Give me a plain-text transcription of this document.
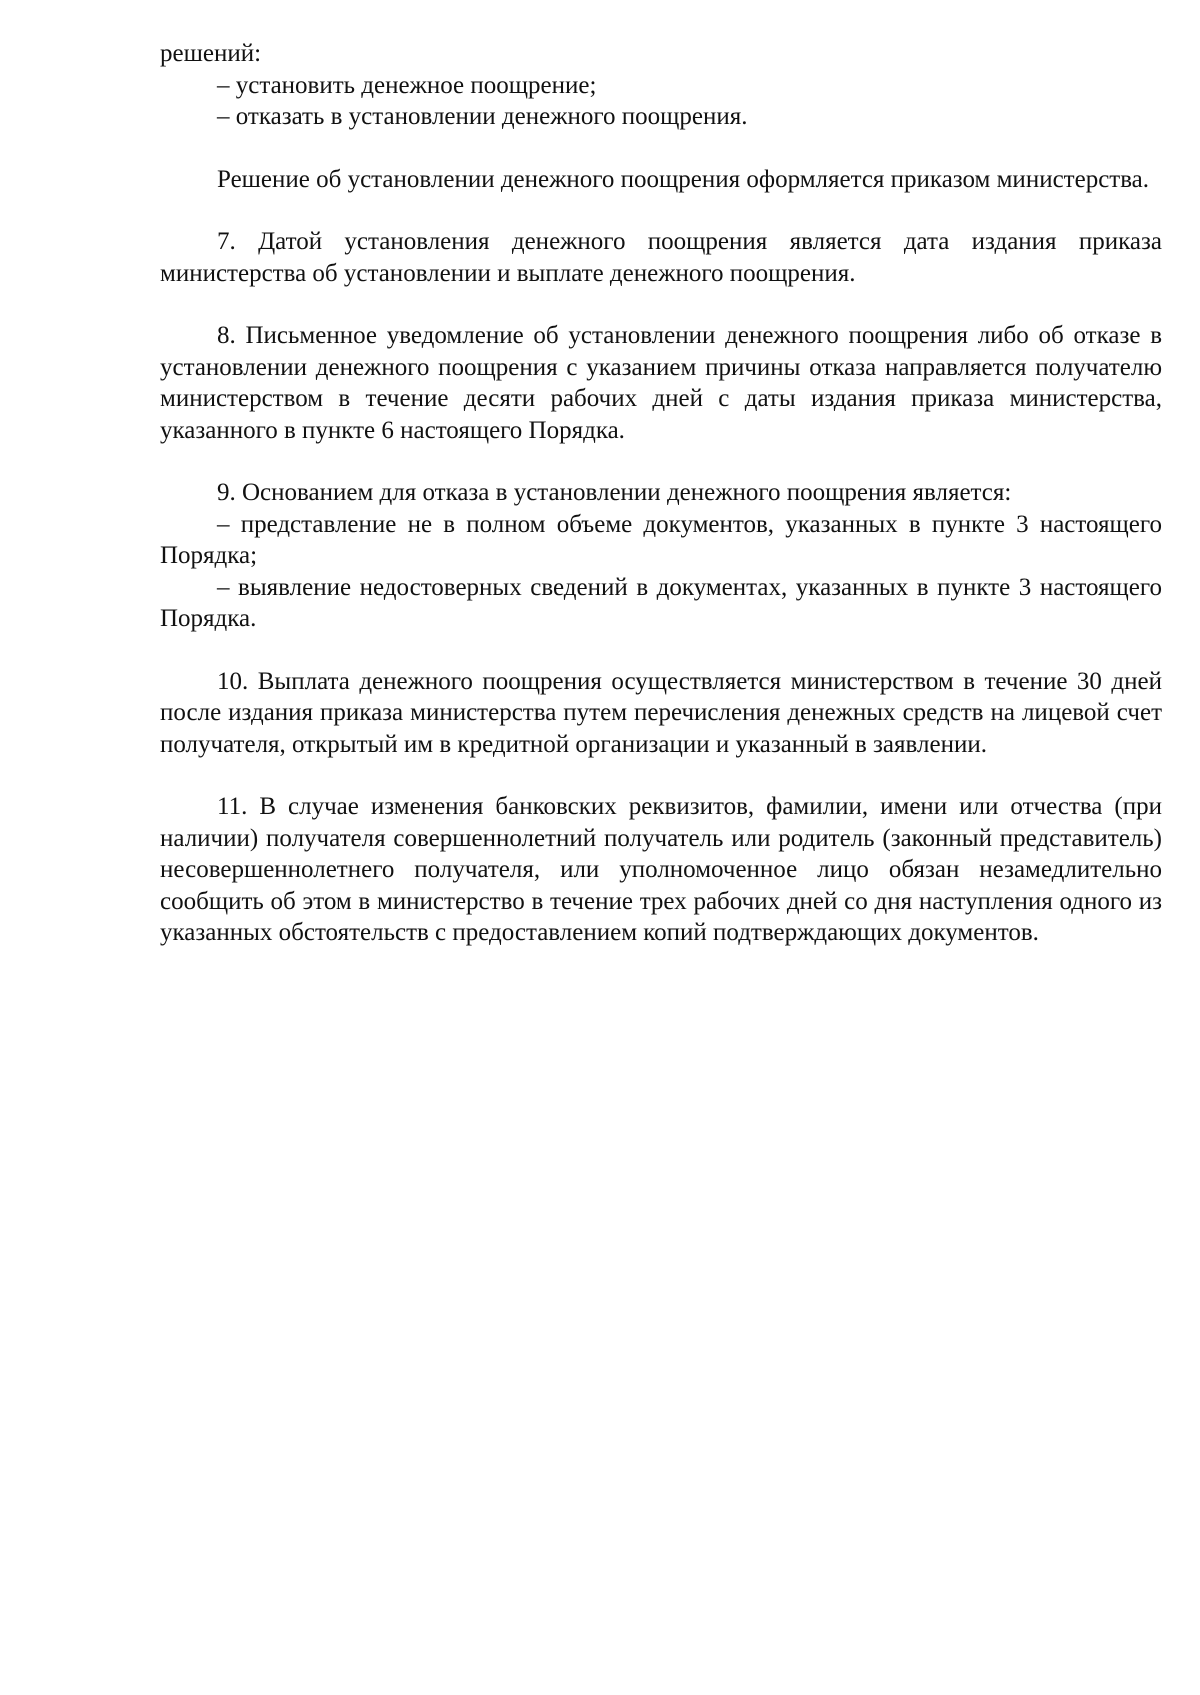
решений:

– установить денежное поощрение;

– отказать в установлении денежного поощрения.

Решение об установлении денежного поощрения оформляется приказом министерства.

7. Датой установления денежного поощрения является дата издания приказа министерства об установлении и выплате денежного поощрения.

8. Письменное уведомление об установлении денежного поощрения либо об отказе в установлении денежного поощрения с указанием причины отказа направляется получателю министерством в течение десяти рабочих дней с даты издания приказа министерства, указанного в пункте 6 настоящего Порядка.

9. Основанием для отказа в установлении денежного поощрения является:

– представление не в полном объеме документов, указанных в пункте 3 настоящего Порядка;

– выявление недостоверных сведений в документах, указанных в пункте 3 настоящего Порядка.

10. Выплата денежного поощрения осуществляется министерством в течение 30 дней после издания приказа министерства путем перечисления денежных средств на лицевой счет получателя, открытый им в кредитной организации и указанный в заявлении.

11. В случае изменения банковских реквизитов, фамилии, имени или отчества (при наличии) получателя совершеннолетний получатель или родитель (законный представитель) несовершеннолетнего получателя, или уполномоченное лицо обязан незамедлительно сообщить об этом в министерство в течение трех рабочих дней со дня наступления одного из указанных обстоятельств с предоставлением копий подтверждающих документов.
